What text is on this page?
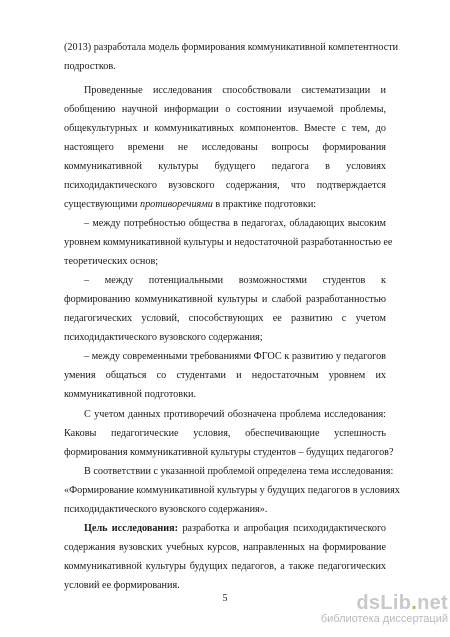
(2013) разработала модель формирования коммуникативной компетентности
подростков.
Проведенные исследования способствовали систематизации и
обобщению научной информации о состоянии изучаемой проблемы,
общекультурных и коммуникативных компонентов. Вместе с тем, до
настоящего времени не исследованы вопросы формирования
коммуникативной культуры будущего педагога в условиях
психодидактического вузовского содержания, что подтверждается
существующими противоречиями в практике подготовки:
– между потребностью общества в педагогах, обладающих высоким
уровнем коммуникативной культуры и недостаточной разработанностью ее
теоретических основ;
– между потенциальными возможностями студентов к
формированию коммуникативной культуры и слабой разработанностью
педагогических условий, способствующих ее развитию с учетом
психодидактического вузовского содержания;
– между современными требованиями ФГОС к развитию у педагогов
умения общаться со студентами и недостаточным уровнем их
коммуникативной подготовки.
С учетом данных противоречий обозначена проблема исследования:
Каковы педагогические условия, обеспечивающие успешность
формирования коммуникативной культуры студентов – будущих педагогов?
В соответствии с указанной проблемой определена тема исследования:
«Формирование коммуникативной культуры у будущих педагогов в условиях
психодидактического вузовского содержания».
Цель исследования: разработка и апробация психодидактического
содержания вузовских учебных курсов, направленных на формирование
коммуникативной культуры будущих педагогов, а также педагогических
условий ее формирования.
5	dsLib.net
библиотека диссертаций
